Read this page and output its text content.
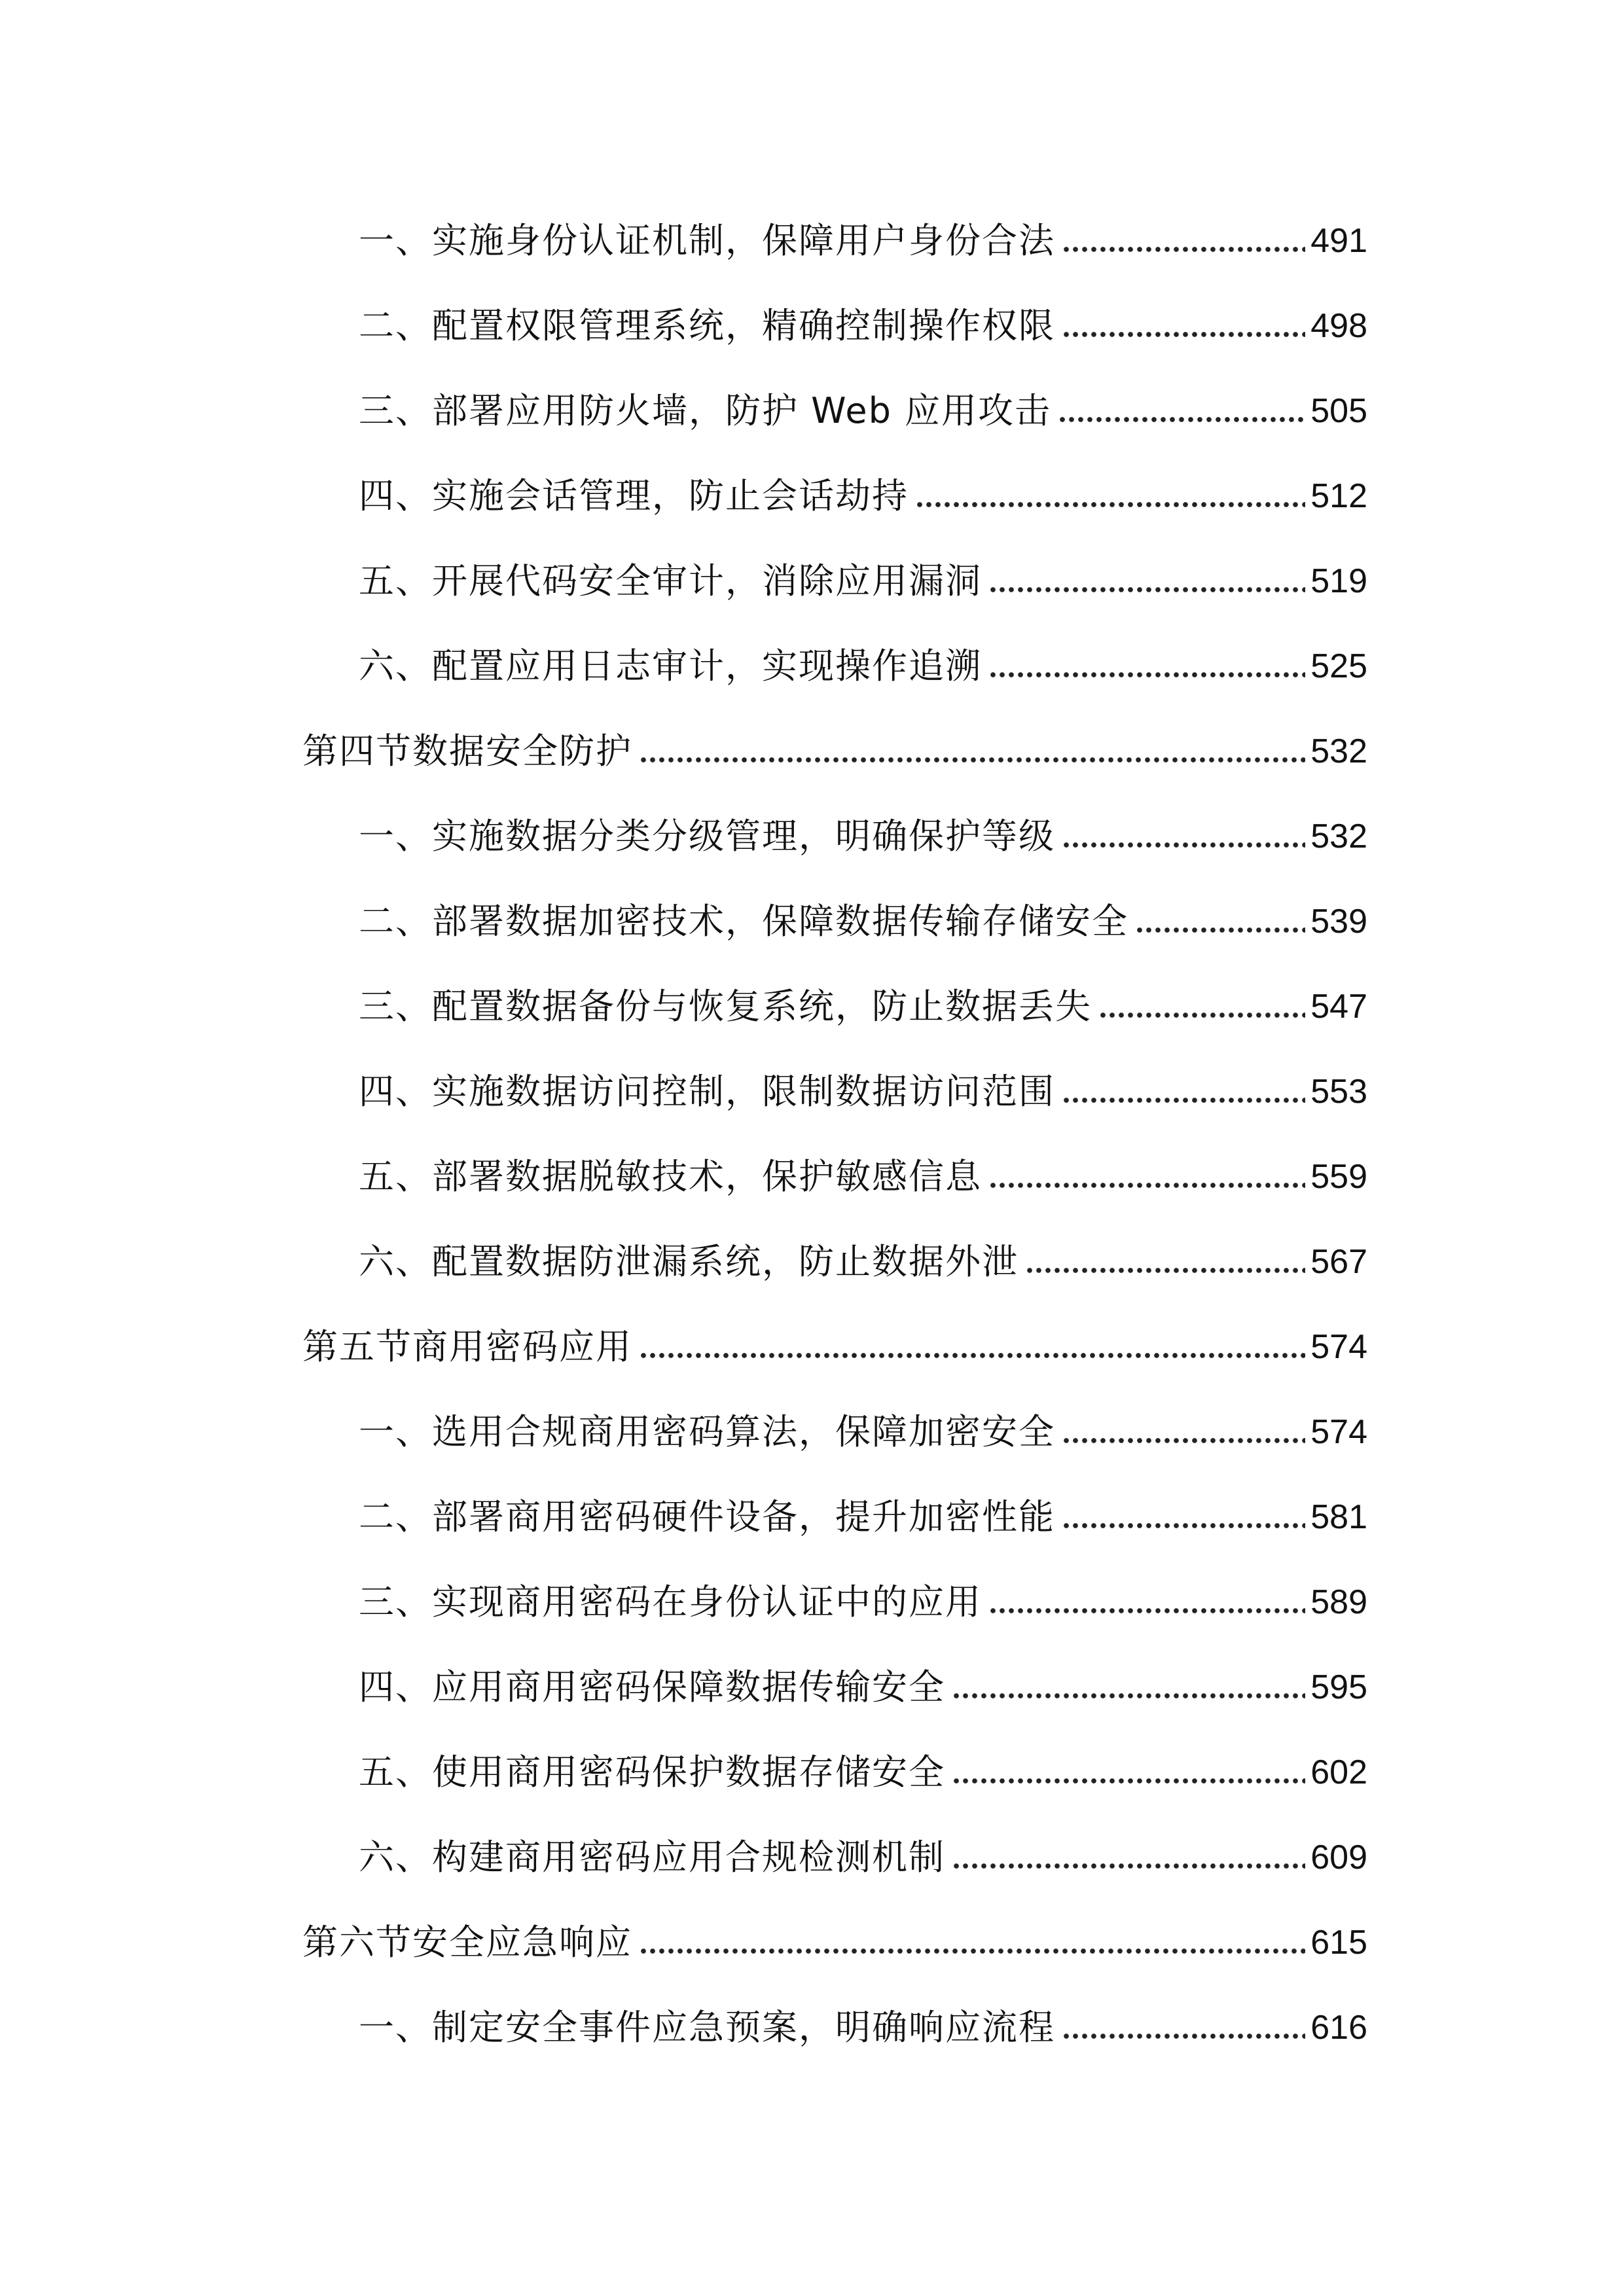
一、实施身份认证机制，保障用户身份合法	491
二、配置权限管理系统，精确控制操作权限	498
三、部署应用防火墙，防护 Web 应用攻击	505
四、实施会话管理，防止会话劫持	512
五、开展代码安全审计，消除应用漏洞	519
六、配置应用日志审计，实现操作追溯	525
第四节数据安全防护	532
一、实施数据分类分级管理，明确保护等级	532
二、部署数据加密技术，保障数据传输存储安全	539
三、配置数据备份与恢复系统，防止数据丢失	547
四、实施数据访问控制，限制数据访问范围	553
五、部署数据脱敏技术，保护敏感信息	559
六、配置数据防泄漏系统，防止数据外泄	567
第五节商用密码应用	574
一、选用合规商用密码算法，保障加密安全	574
二、部署商用密码硬件设备，提升加密性能	581
三、实现商用密码在身份认证中的应用	589
四、应用商用密码保障数据传输安全	595
五、使用商用密码保护数据存储安全	602
六、构建商用密码应用合规检测机制	609
第六节安全应急响应	615
一、制定安全事件应急预案，明确响应流程	616
